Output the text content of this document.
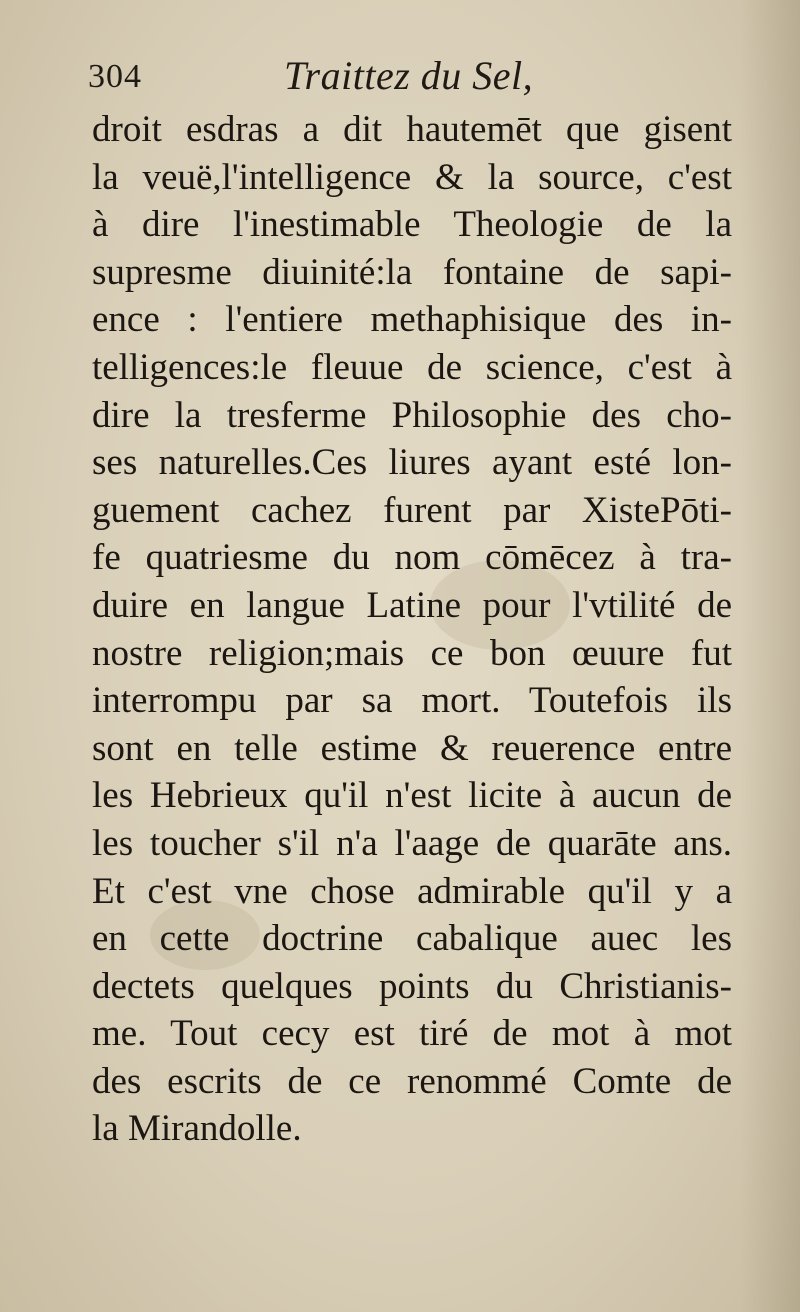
304	Traittez du Sel,
droit esdras a dit hautemēt que gisent
la veuë,l'intelligence & la source, c'est
à dire l'inestimable Theologie de la
supresme diuinité:la fontaine de sapi-
ence : l'entiere methaphisique des in-
telligences:le fleuue de science, c'est à
dire la tresferme Philosophie des cho-
ses naturelles.Ces liures ayant esté lon-
guement cachez furent par XistePōti-
fe quatriesme du nom cōmēcez à tra-
duire en langue Latine pour l'vtilité de
nostre religion;mais ce bon œuure fut
interrompu par sa mort. Toutefois ils
sont en telle estime & reuerence entre
les Hebrieux qu'il n'est licite à aucun de
les toucher s'il n'a l'aage de quarāte ans.
Et c'est vne chose admirable qu'il y a
en cette doctrine cabalique auec les
dectets quelques points du Christianis-
me. Tout cecy est tiré de mot à mot
des escrits de ce renommé Comte de
la Mirandolle.
